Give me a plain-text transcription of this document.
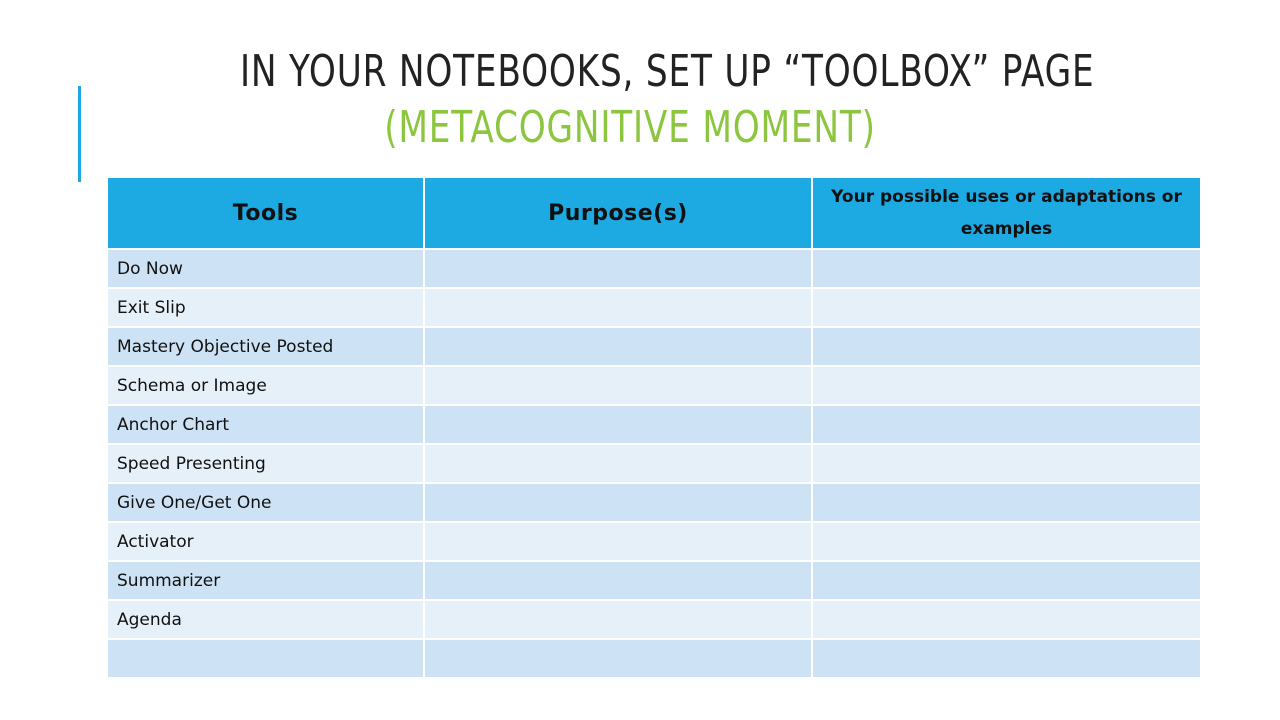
IN YOUR NOTEBOOKS, SET UP “TOOLBOX” PAGE
(METACOGNITIVE MOMENT)
Tools	Purpose(s)	Your possible uses or adaptations or examples
Do Now		
Exit Slip		
Mastery Objective Posted		
Schema or Image		
Anchor Chart		
Speed Presenting		
Give One/Get One		
Activator		
Summarizer		
Agenda		
